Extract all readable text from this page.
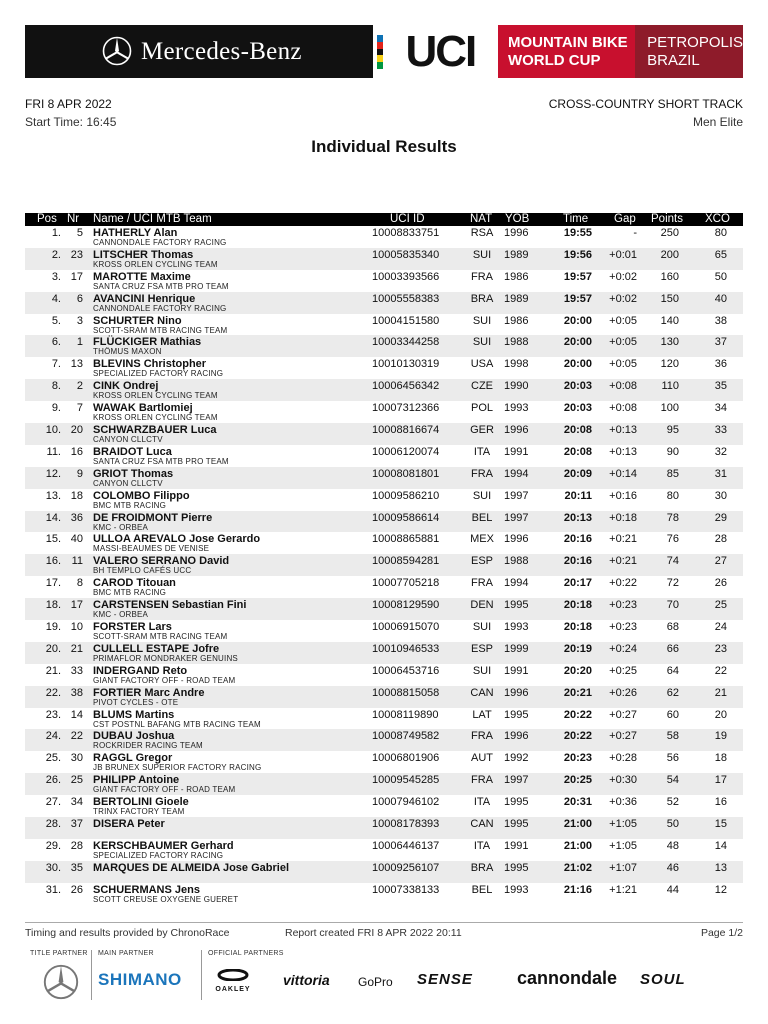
Mercedes-Benz UCI MOUNTAIN BIKE
WORLD CUP
PETROPOLIS
BRAZIL
FRI 8 APR 2022
Start Time: 16:45
CROSS-COUNTRY SHORT TRACK
Men Elite
Individual Results
Pos Nr Name / UCI MTB Team	UCI ID	NAT YOB	Time Gap Points XCO
1.	5 HATHERLY Alan
CANNONDALE FACTORY RACING
10008833751	RSA 1996	19:55	-	250	80
2. 23 LITSCHER Thomas
KROSS ORLEN CYCLING TEAM
10005835340	SUI	1989	19:56	+0:01	200	65
3. 17 MAROTTE Maxime
SANTA CRUZ FSA MTB PRO TEAM
10003393566	FRA	1986	19:57	+0:02	160	50
4.	6 AVANCINI Henrique
CANNONDALE FACTORY RACING
10005558383	BRA 1989	19:57	+0:02	150	40
5.	3 SCHURTER Nino
SCOTT-SRAM MTB RACING TEAM
10004151580	SUI	1986	20:00	+0:05	140	38
6.	1 FLÜCKIGER Mathias
THÖMUS MAXON
10003344258	SUI	1988	20:00	+0:05	130	37
7. 13 BLEVINS Christopher
SPECIALIZED FACTORY RACING
10010130319	USA 1998	20:00	+0:05	120	36
8.	2 CINK Ondrej
KROSS ORLEN CYCLING TEAM
10006456342	CZE	1990	20:03	+0:08	110	35
9.	7 WAWAK Bartlomiej
KROSS ORLEN CYCLING TEAM
10007312366	POL	1993	20:03	+0:08	100	34
10. 20 SCHWARZBAUER Luca
CANYON CLLCTV
10008816674	GER 1996	20:08	+0:13	95	33
11. 16 BRAIDOT Luca
SANTA CRUZ FSA MTB PRO TEAM
10006120074	ITA	1991	20:08	+0:13	90	32
12.	9 GRIOT Thomas
CANYON CLLCTV
10008081801	FRA	1994	20:09	+0:14	85	31
13. 18 COLOMBO Filippo
BMC MTB RACING
10009586210	SUI	1997	20:11	+0:16	80	30
14. 36 DE FROIDMONT Pierre
KMC - ORBEA
10009586614	BEL	1997	20:13	+0:18	78	29
15. 40 ULLOA AREVALO Jose Gerardo
MASSI-BEAUMES DE VENISE
10008865881	MEX 1996	20:16	+0:21	76	28
16. 11 VALERO SERRANO David
BH TEMPLO CAFÉS UCC
10008594281	ESP	1988	20:16	+0:21	74	27
17.	8 CAROD Titouan
BMC MTB RACING
10007705218	FRA	1994	20:17	+0:22	72	26
18. 17 CARSTENSEN Sebastian Fini
KMC - ORBEA
10008129590	DEN 1995	20:18	+0:23	70	25
19. 10 FORSTER Lars
SCOTT-SRAM MTB RACING TEAM
10006915070	SUI	1993	20:18	+0:23	68	24
20. 21 CULLELL ESTAPE Jofre
PRIMAFLOR MONDRAKER GENUINS
10010946533	ESP	1999	20:19	+0:24	66	23
21. 33 INDERGAND Reto
GIANT FACTORY OFF - ROAD TEAM
10006453716	SUI	1991	20:20	+0:25	64	22
22. 38 FORTIER Marc Andre
PIVOT CYCLES - OTE
10008815058	CAN 1996	20:21	+0:26	62	21
23. 14 BLUMS Martins
CST POSTNL BAFANG MTB RACING TEAM
10008119890	LAT	1995	20:22	+0:27	60	20
24. 22 DUBAU Joshua
ROCKRIDER RACING TEAM
10008749582	FRA	1996	20:22	+0:27	58	19
25. 30 RAGGL Gregor
JB BRUNEX SUPERIOR FACTORY RACING
10006801906	AUT	1992	20:23	+0:28	56	18
26. 25 PHILIPP Antoine
GIANT FACTORY OFF - ROAD TEAM
10009545285	FRA	1997	20:25	+0:30	54	17
27. 34 BERTOLINI Gioele
TRINX FACTORY TEAM
10007946102	ITA	1995	20:31	+0:36	52	16
28. 37 DISERA Peter	10008178393	CAN 1995	21:00	+1:05	50	15
29. 28 KERSCHBAUMER Gerhard
SPECIALIZED FACTORY RACING
10006446137	ITA	1991	21:00	+1:05	48	14
30. 35 MARQUES DE ALMEIDA Jose Gabriel	10009256107	BRA 1995	21:02	+1:07	46	13
31. 26 SCHUERMANS Jens
SCOTT CREUSE OXYGENE GUERET
10007338133	BEL	1993	21:16	+1:21	44	12
Timing and results provided by ChronoRace	Report created FRI 8 APR 2022 20:11	Page 1/2
TITLE PARTNER MAIN PARTNER	OFFICIAL PARTNERS
SHIMANO
OAKLEY
vittoria GoPro SENSE cannondale SOUL
